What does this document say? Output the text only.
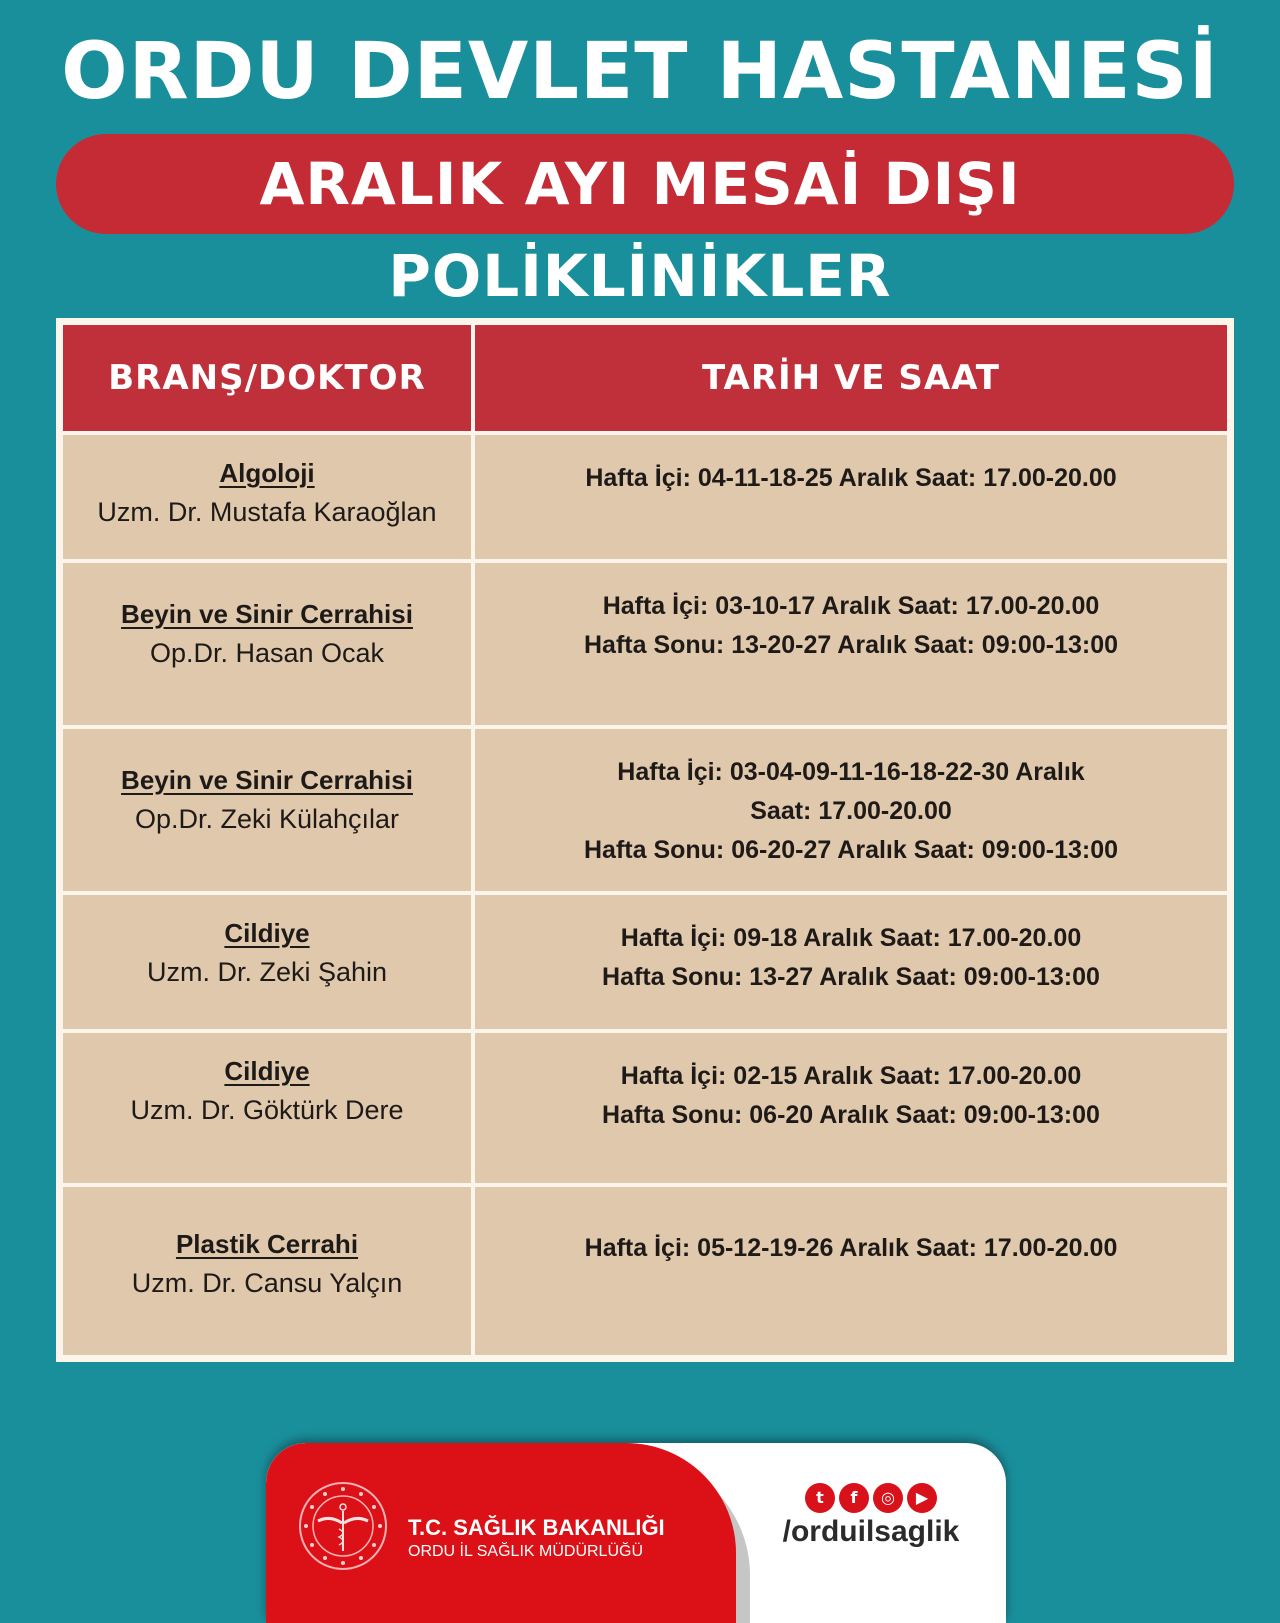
ORDU DEVLET HASTANESİ
ARALIK AYI MESAİ DIŞI
POLİKLİNİKLER
BRANŞ/DOKTOR	TARİH VE SAAT
Algoloji
Uzm. Dr. Mustafa Karaoğlan	Hafta İçi: 04-11-18-25 Aralık Saat: 17.00-20.00

Beyin ve Sinir Cerrahisi
Op.Dr. Hasan Ocak	Hafta İçi: 03-10-17 Aralık Saat: 17.00-20.00
Hafta Sonu: 13-20-27 Aralık Saat: 09:00-13:00

Beyin ve Sinir Cerrahisi
Op.Dr. Zeki Külahçılar	Hafta İçi: 03-04-09-11-16-18-22-30 Aralık
Saat: 17.00-20.00
Hafta Sonu: 06-20-27 Aralık Saat: 09:00-13:00

Cildiye
Uzm. Dr. Zeki Şahin	Hafta İçi: 09-18 Aralık Saat: 17.00-20.00
Hafta Sonu: 13-27 Aralık Saat: 09:00-13:00

Cildiye
Uzm. Dr. Göktürk Dere	Hafta İçi: 02-15 Aralık Saat: 17.00-20.00
Hafta Sonu: 06-20 Aralık Saat: 09:00-13:00

Plastik Cerrahi
Uzm. Dr. Cansu Yalçın	Hafta İçi: 05-12-19-26 Aralık Saat: 17.00-20.00
T.C. SAĞLIK BAKANLIĞI
ORDU İL SAĞLIK MÜDÜRLÜĞÜ
t	f	◎	▶
/orduilsaglik
